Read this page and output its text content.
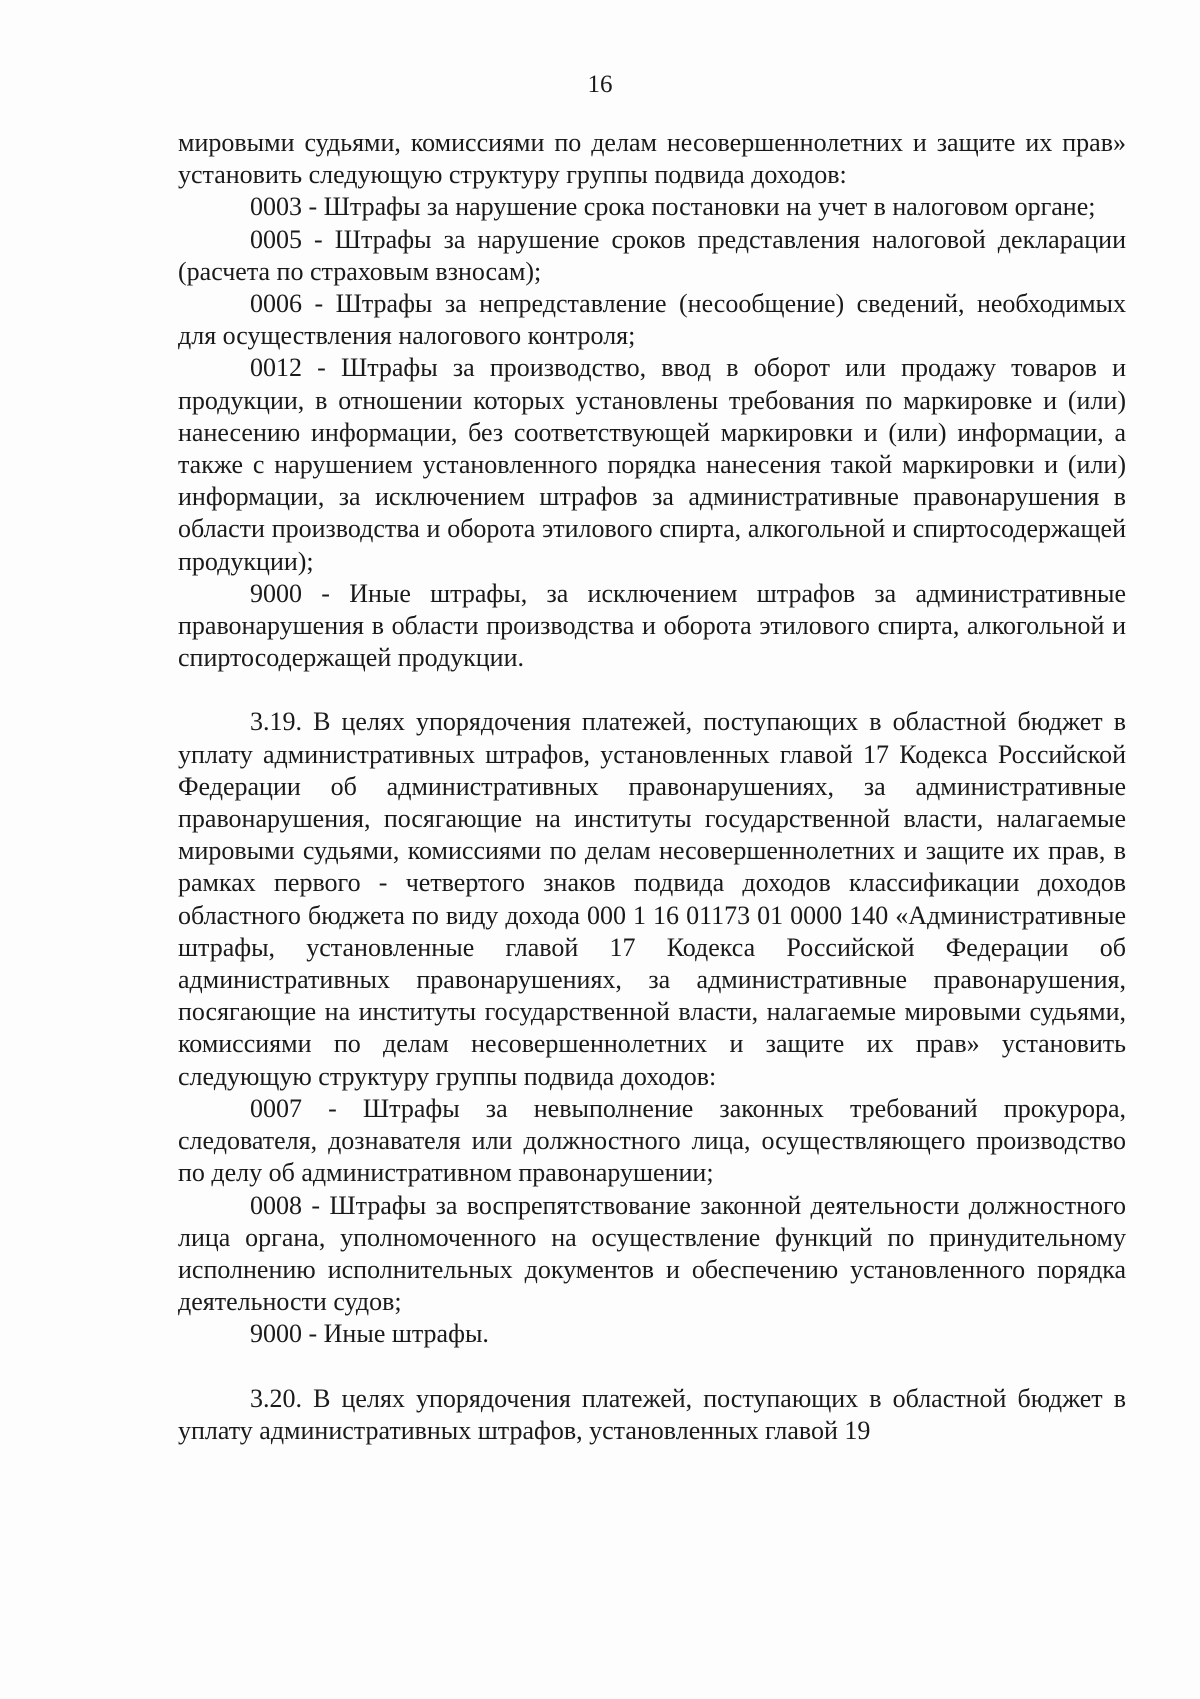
16

мировыми судьями, комиссиями по делам несовершеннолетних и защите их прав» установить следующую структуру группы подвида доходов:

0003 - Штрафы за нарушение срока постановки на учет в налоговом органе;

0005 - Штрафы за нарушение сроков представления налоговой декларации (расчета по страховым взносам);

0006 - Штрафы за непредставление (несообщение) сведений, необходимых для осуществления налогового контроля;

0012 - Штрафы за производство, ввод в оборот или продажу товаров и продукции, в отношении которых установлены требования по маркировке и (или) нанесению информации, без соответствующей маркировки и (или) информации, а также с нарушением установленного порядка нанесения такой маркировки и (или) информации, за исключением штрафов за административные правонарушения в области производства и оборота этилового спирта, алкогольной и спиртосодержащей продукции);

9000 - Иные штрафы, за исключением штрафов за административные правонарушения в области производства и оборота этилового спирта, алкогольной и спиртосодержащей продукции.

3.19. В целях упорядочения платежей, поступающих в областной бюджет в уплату административных штрафов, установленных главой 17 Кодекса Российской Федерации об административных правонарушениях, за административные правонарушения, посягающие на институты государственной власти, налагаемые мировыми судьями, комиссиями по делам несовершеннолетних и защите их прав, в рамках первого - четвертого знаков подвида доходов классификации доходов областного бюджета по виду дохода 000 1 16 01173 01 0000 140 «Административные штрафы, установленные главой 17 Кодекса Российской Федерации об административных правонарушениях, за административные правонарушения, посягающие на институты государственной власти, налагаемые мировыми судьями, комиссиями по делам несовершеннолетних и защите их прав» установить следующую структуру группы подвида доходов:

0007 - Штрафы за невыполнение законных требований прокурора, следователя, дознавателя или должностного лица, осуществляющего производство по делу об административном правонарушении;

0008 - Штрафы за воспрепятствование законной деятельности должностного лица органа, уполномоченного на осуществление функций по принудительному исполнению исполнительных документов и обеспечению установленного порядка деятельности судов;

9000 - Иные штрафы.

3.20. В целях упорядочения платежей, поступающих в областной бюджет в уплату административных штрафов, установленных главой 19
